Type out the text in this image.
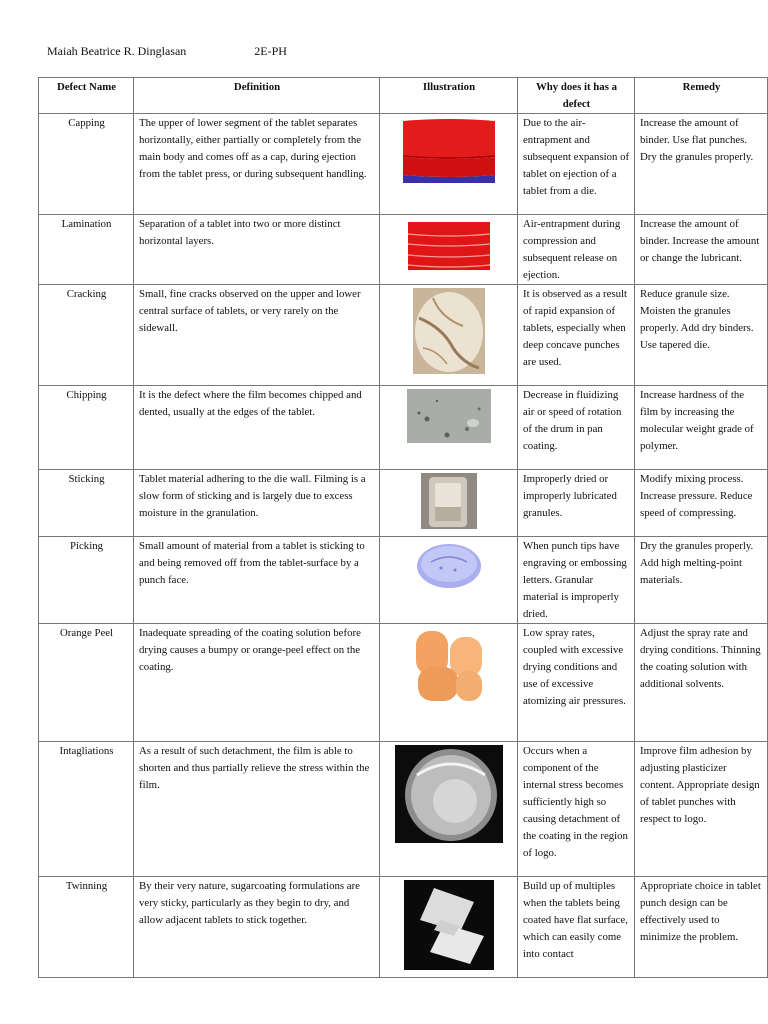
Maiah Beatrice R. Dinglasan	2E-PH
Defect Name	Definition	Illustration	Why does it has a defect	Remedy
Capping	The upper of lower segment of the tablet separates horizontally, either partially or completely from the main body and comes off as a cap, during ejection from the tablet press, or during subsequent handling.		Due to the air-entrapment and subsequent expansion of tablet on ejection of a tablet from a die.	Increase the amount of binder. Use flat punches. Dry the granules properly.
Lamination	Separation of a tablet into two or more distinct horizontal layers.		Air-entrapment during compression and subsequent release on ejection.	Increase the amount of binder. Increase the amount or change the lubricant.
Cracking	Small, fine cracks observed on the upper and lower central surface of tablets, or very rarely on the sidewall.		It is observed as a result of rapid expansion of tablets, especially when deep concave punches are used.	Reduce granule size. Moisten the granules properly. Add dry binders. Use tapered die.
Chipping	It is the defect where the film becomes chipped and dented, usually at the edges of the tablet.		Decrease in fluidizing air or speed of rotation of the drum in pan coating.	Increase hardness of the film by increasing the molecular weight grade of polymer.
Sticking	Tablet material adhering to the die wall. Filming is a slow form of sticking and is largely due to excess moisture in the granulation.		Improperly dried or improperly lubricated granules.	Modify mixing process. Increase pressure. Reduce speed of compressing.
Picking	Small amount of material from a tablet is sticking to and being removed off from the tablet-surface by a punch face.		When punch tips have engraving or embossing letters. Granular material is improperly dried.	Dry the granules properly. Add high melting-point materials.
Orange Peel	Inadequate spreading of the coating solution before drying causes a bumpy or orange-peel effect on the coating.		Low spray rates, coupled with excessive drying conditions and use of excessive atomizing air pressures.	Adjust the spray rate and drying conditions. Thinning the coating solution with additional solvents.
Intagliations	As a result of such detachment, the film is able to shorten and thus partially relieve the stress within the film.		Occurs when a component of the internal stress becomes sufficiently high so causing detachment of the coating in the region of logo.	Improve film adhesion by adjusting plasticizer content. Appropriate design of tablet punches with respect to logo.
Twinning	By their very nature, sugarcoating formulations are very sticky, particularly as they begin to dry, and allow adjacent tablets to stick together.		Build up of multiples when the tablets being coated have flat surface, which can easily come into contact	Appropriate choice in tablet punch design can be effectively used to minimize the problem.
